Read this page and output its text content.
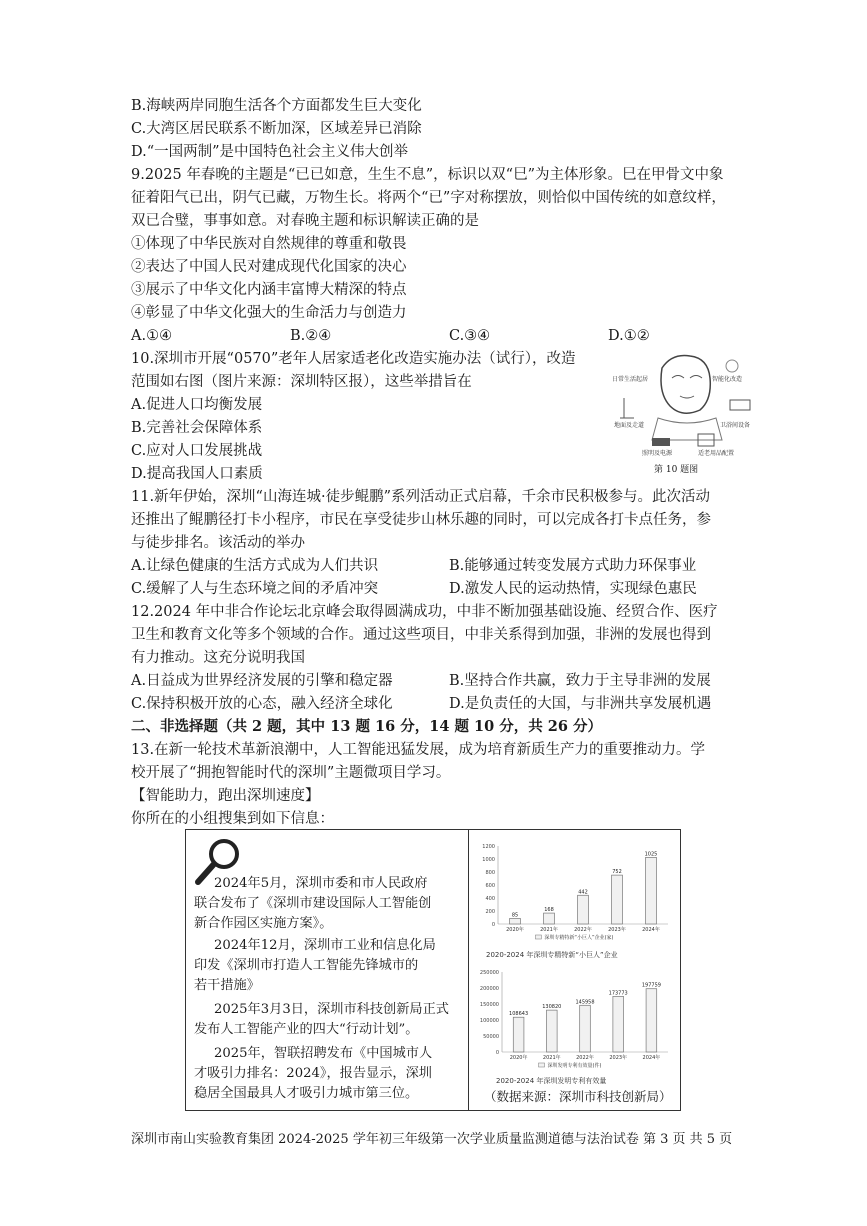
B.海峡两岸同胞生活各个方面都发生巨大变化
C.大湾区居民联系不断加深，区域差异已消除
D.“一国两制”是中国特色社会主义伟大创举
9.2025 年春晚的主题是“已已如意，生生不息”，标识以双“巳”为主体形象。巳在甲骨文中象
征着阳气已出，阴气已藏，万物生长。将两个“已”字对称摆放，则恰似中国传统的如意纹样，
双已合璧，事事如意。对春晚主题和标识解读正确的是
①体现了中华民族对自然规律的尊重和敬畏
②表达了中国人民对建成现代化国家的决心
③展示了中华文化内涵丰富博大精深的特点
④彰显了中华文化强大的生命活力与创造力
A.①④	B.②④	C.③④	D.①②
10.深圳市开展“0570”老年人居家适老化改造实施办法（试行），改造
范围如右图（图片来源：深圳特区报），这些举措旨在
A.促进人口均衡发展
B.完善社会保障体系
C.应对人口发展挑战
D.提高我国人口素质
日常生活起居	智能化改造
地面及走道	卫浴间设备
照明及电源	适老用品配置
第 10 题图
11.新年伊始，深圳“山海连城·徒步鲲鹏”系列活动正式启幕，千余市民积极参与。此次活动
还推出了鲲鹏径打卡小程序，市民在享受徒步山林乐趣的同时，可以完成各打卡点任务，参
与徒步排名。该活动的举办
A.让绿色健康的生活方式成为人们共识	B.能够通过转变发展方式助力环保事业
C.缓解了人与生态环境之间的矛盾冲突	D.激发人民的运动热情，实现绿色惠民
12.2024 年中非合作论坛北京峰会取得圆满成功，中非不断加强基础设施、经贸合作、医疗
卫生和教育文化等多个领域的合作。通过这些项目，中非关系得到加强，非洲的发展也得到
有力推动。这充分说明我国
A.日益成为世界经济发展的引擎和稳定器	B.坚持合作共赢，致力于主导非洲的发展
C.保持积极开放的心态，融入经济全球化	D.是负责任的大国，与非洲共享发展机遇
二、非选择题（共 2 题，其中 13 题 16 分，14 题 10 分，共 26 分）
13.在新一轮技术革新浪潮中，人工智能迅猛发展，成为培育新质生产力的重要推动力。学
校开展了“拥抱智能时代的深圳”主题微项目学习。
【智能助力，跑出深圳速度】
你所在的小组搜集到如下信息：
2024年5月，深圳市委和市人民政府
联合发布了《深圳市建设国际人工智能创
新合作园区实施方案》。
2024年12月，深圳市工业和信息化局
印发《深圳市打造人工智能先锋城市的
若干措施》
2025年3月3日，深圳市科技创新局正式
发布人工智能产业的四大“行动计划”。
2025年，智联招聘发布《中国城市人
才吸引力排名：2024》，报告显示，深圳
稳居全国最具人才吸引力城市第三位。
0
200
400
600
800
1000
1200
85
2020年
168
2021年
442
2022年
752
2023年
1025
2024年
深圳专精特新“小巨人”企业(家)
2020-2024 年深圳专精特新“小巨人”企业
0
50000
100000
150000
200000
250000
108643
2020年
130820
2021年
145958
2022年
173773
2023年
197759
2024年
深圳发明专利有效量(件)
2020-2024 年深圳发明专利有效量
（数据来源：深圳市科技创新局）
深圳市南山实验教育集团 2024-2025 学年初三年级第一次学业质量监测道德与法治试卷 第 3 页 共 5 页
